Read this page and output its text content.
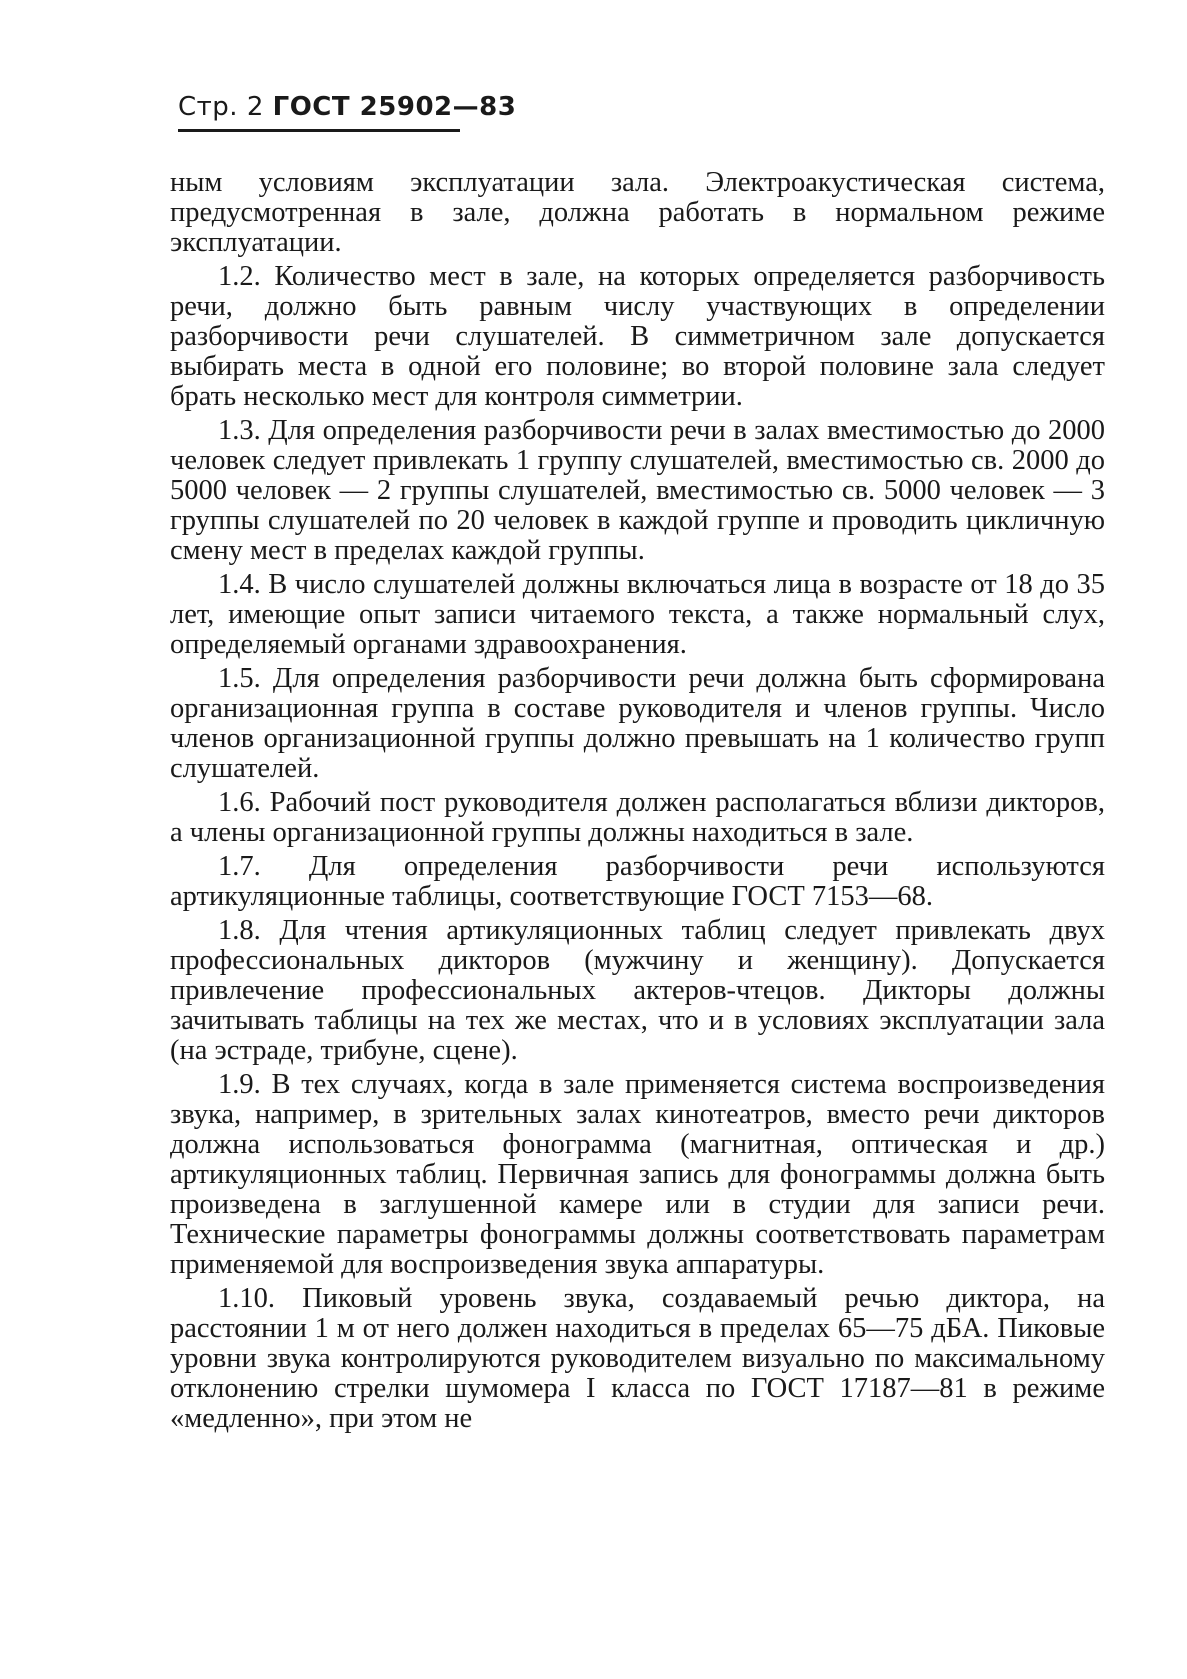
Стр. 2 ГОСТ 25902—83

ным условиям эксплуатации зала. Электроакустическая система, предусмотренная в зале, должна работать в нормальном режиме эксплуатации.

1.2. Количество мест в зале, на которых определяется разборчивость речи, должно быть равным числу участвующих в определении разборчивости речи слушателей. В симметричном зале допускается выбирать места в одной его половине; во второй половине зала следует брать несколько мест для контроля симметрии.

1.3. Для определения разборчивости речи в залах вместимостью до 2000 человек следует привлекать 1 группу слушателей, вместимостью св. 2000 до 5000 человек — 2 группы слушателей, вместимостью св. 5000 человек — 3 группы слушателей по 20 человек в каждой группе и проводить цикличную смену мест в пределах каждой группы.

1.4. В число слушателей должны включаться лица в возрасте от 18 до 35 лет, имеющие опыт записи читаемого текста, а также нормальный слух, определяемый органами здравоохранения.

1.5. Для определения разборчивости речи должна быть сформирована организационная группа в составе руководителя и членов группы. Число членов организационной группы должно превышать на 1 количество групп слушателей.

1.6. Рабочий пост руководителя должен располагаться вблизи дикторов, а члены организационной группы должны находиться в зале.

1.7. Для определения разборчивости речи используются артикуляционные таблицы, соответствующие ГОСТ 7153—68.

1.8. Для чтения артикуляционных таблиц следует привлекать двух профессиональных дикторов (мужчину и женщину). Допускается привлечение профессиональных актеров-чтецов. Дикторы должны зачитывать таблицы на тех же местах, что и в условиях эксплуатации зала (на эстраде, трибуне, сцене).

1.9. В тех случаях, когда в зале применяется система воспроизведения звука, например, в зрительных залах кинотеатров, вместо речи дикторов должна использоваться фонограмма (магнитная, оптическая и др.) артикуляционных таблиц. Первичная запись для фонограммы должна быть произведена в заглушенной камере или в студии для записи речи. Технические параметры фонограммы должны соответствовать параметрам применяемой для воспроизведения звука аппаратуры.

1.10. Пиковый уровень звука, создаваемый речью диктора, на расстоянии 1 м от него должен находиться в пределах 65—75 дБА. Пиковые уровни звука контролируются руководителем визуально по максимальному отклонению стрелки шумомера I класса по ГОСТ 17187—81 в режиме «медленно», при этом не
